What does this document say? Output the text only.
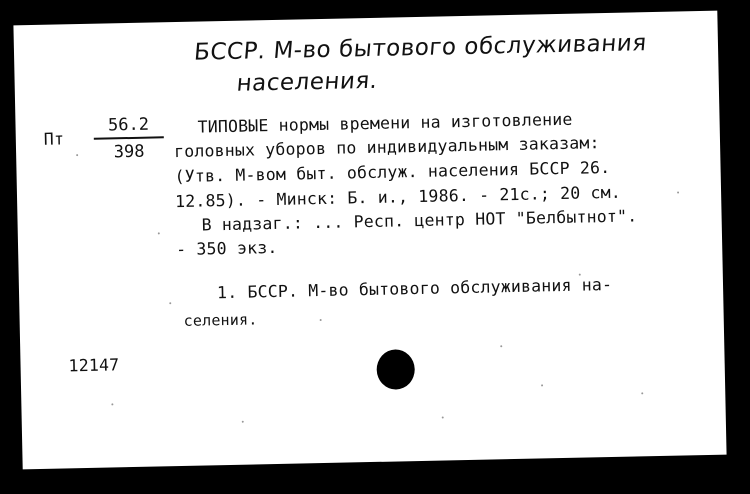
БССР. М-во бытового обслуживания
населения.
Пт
56.2
398
ТИПОВЫЕ нормы времени на изготовление
головных уборов по индивидуальным заказам:
(Утв. М-вом быт. обслуж. населения БССР 26.
12.85). - Минск: Б. и., 1986. - 21с.; 20 см.
В надзаг.: ... Респ. центр НОТ "Белбытнот".
- 350 экз.
1. БССР. М-во бытового обслуживания на-
селения.
12147
